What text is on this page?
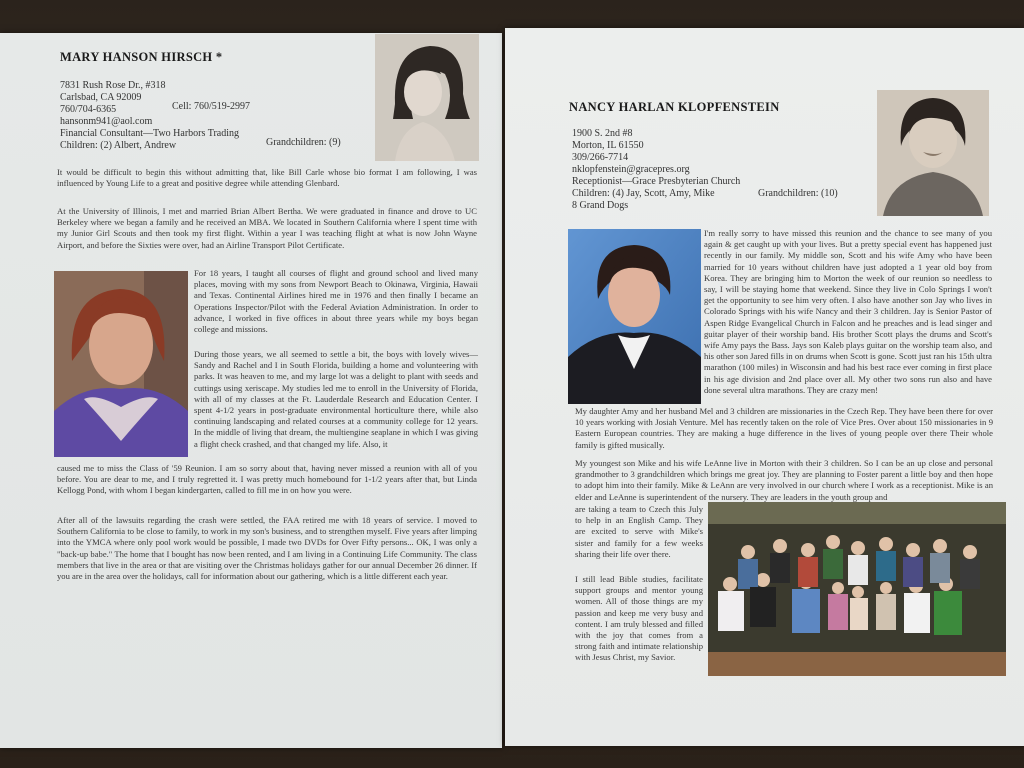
MARY HANSON HIRSCH *
7831 Rush Rose Dr., #318
Carlsbad, CA 92009
760/704-6365	Cell: 760/519-2997
hansonm941@aol.com
Financial Consultant—Two Harbors Trading
Children: (2) Albert, Andrew	Grandchildren: (9)
It would be difficult to begin this without admitting that, like Bill Carle whose bio format I am following, I was influenced by Young Life to a great and positive degree while attending Glenbard.
At the University of Illinois, I met and married Brian Albert Bertha. We were graduated in finance and drove to UC Berkeley where we began a family and he received an MBA. We located in Southern California where I spent time with my Junior Girl Scouts and then took my first flight. Within a year I was teaching flight at what is now John Wayne Airport, and before the Sixties were over, had an Airline Transport Pilot Certificate.
For 18 years, I taught all courses of flight and ground school and lived many places, moving with my sons from Newport Beach to Okinawa, Virginia, Hawaii and Texas. Continental Airlines hired me in 1976 and then finally I became an Operations Inspector/Pilot with the Federal Aviation Administration. In order to advance, I worked in five offices in about three years while my boys began college and missions.
During those years, we all seemed to settle a bit, the boys with lovely wives— Sandy and Rachel and I in South Florida, building a home and volunteering with parks. It was heaven to me, and my large lot was a delight to plant with seeds and cuttings using xeriscape. My studies led me to enroll in the University of Florida, with all of my classes at the Ft. Lauderdale Research and Education Center. I spent 4-1/2 years in post-graduate environmental horticulture there, while also continuing landscaping and related courses at a community college for 12 years. In the middle of living that dream, the multiengine seaplane in which I was giving a flight check crashed, and that changed my life. Also, it
caused me to miss the Class of '59 Reunion. I am so sorry about that, having never missed a reunion with all of you before. You are dear to me, and I truly regretted it. I was pretty much homebound for 1-1/2 years after that, but Linda Kellogg Pond, with whom I began kindergarten, called to fill me in on how you were.
After all of the lawsuits regarding the crash were settled, the FAA retired me with 18 years of service. I moved to Southern California to be close to family, to work in my son's business, and to strengthen myself. Five years after limping into the YMCA where only pool work would be possible, I made two DVDs for Over Fifty persons... OK, I was only a "back-up babe." The home that I bought has now been rented, and I am living in a Continuing Life Community. The class members that live in the area or that are visiting over the Christmas holidays gather for our annual December 26 dinner. If you are in the area over the holidays, call for information about our gathering, which is a little different each year.
NANCY HARLAN KLOPFENSTEIN
1900 S. 2nd #8
Morton, IL 61550
309/266-7714
nklopfenstein@gracepres.org
Receptionist—Grace Presbyterian Church
Children: (4) Jay, Scott, Amy, Mike	Grandchildren: (10)
8 Grand Dogs
I'm really sorry to have missed this reunion and the chance to see many of you again & get caught up with your lives. But a pretty special event has happened just recently in our family. My middle son, Scott and his wife Amy who have been married for 10 years without children have just adopted a 1 year old boy from Korea. They are bringing him to Morton the week of our reunion so needless to say, I will be staying home that weekend. Since they live in Colo Springs I won't get the opportunity to see him very often. I also have another son Jay who lives in Colorado Springs with his wife Nancy and their 3 children. Jay is Senior Pastor of Aspen Ridge Evangelical Church in Falcon and he preaches and is lead singer and guitar player of their worship band. His brother Scott plays the drums and Scott's wife Amy pays the Bass. Jays son Kaleb plays guitar on the worship team also, and his other son Jared fills in on drums when Scott is gone. Scott just ran his 15th ultra marathon (100 miles) in Wisconsin and had his best race ever coming in first place in his age division and 2nd place over all. My other two sons run also and have done several ultra marathons. They are crazy men!
My daughter Amy and her husband Mel and 3 children are missionaries in the Czech Rep. They have been there for over 10 years working with Josiah Venture. Mel has recently taken on the role of Vice Pres. Over about 150 missionaries in 9 Eastern European countries. They are making a huge difference in the lives of young people over there Their whole family is gifted musically.
My youngest son Mike and his wife LeAnne live in Morton with their 3 children. So I can be an up close and personal grandmother to 3 grandchildren which brings me great joy. They are planning to Foster parent a little boy and then hope to adopt him into their family. Mike & LeAnn are very involved in our church where I work as a receptionist. Mike is an elder and LeAnne is superintendent of the nursery. They are leaders in the youth group and
are taking a team to Czech this July to help in an English Camp. They are excited to serve with Mike's sister and family for a few weeks sharing their life over there.
I still lead Bible studies, facilitate support groups and mentor young women. All of those things are my passion and keep me very busy and content. I am truly blessed and filled with the joy that comes from a strong faith and intimate relationship with Jesus Christ, my Savior.
